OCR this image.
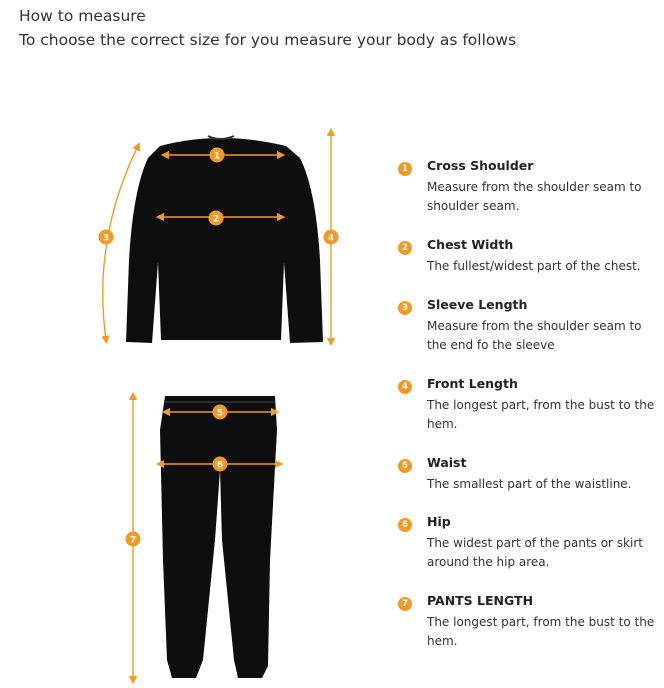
How to measure

To choose the correct size for you measure your body as follows

1
2
3	4
5
6
7
1	Cross Shoulder
Measure from the shoulder seam to shoulder seam.
2	Chest Width
The fullest/widest part of the chest.
3	Sleeve Length
Measure from the shoulder seam to the end fo the sleeve
4	Front Length
The longest part, from the bust to the hem.
5	Waist
The smallest part of the waistline.
6	Hip
The widest part of the pants or skirt around the hip area.
7	PANTS LENGTH
The longest part, from the bust to the hem.
